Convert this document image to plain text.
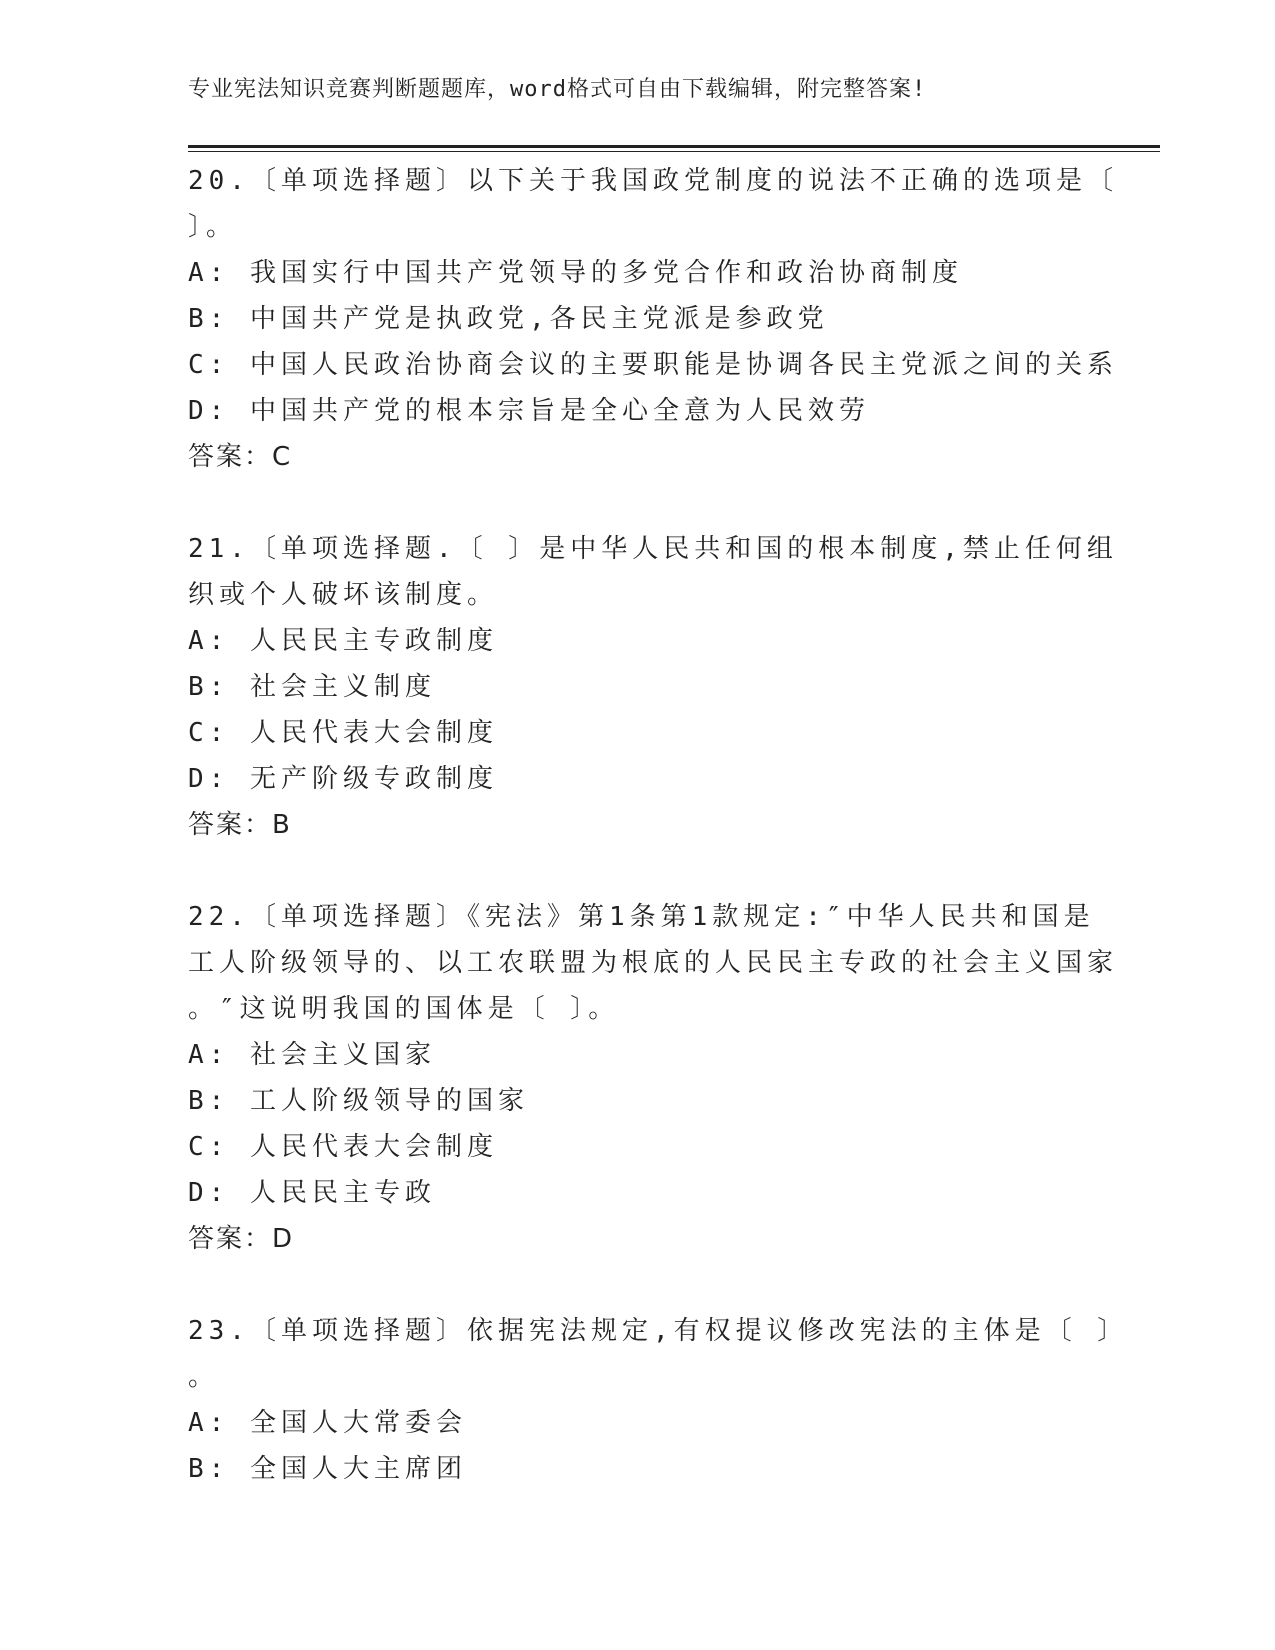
专业宪法知识竞赛判断题题库，word格式可自由下载编辑，附完整答案!
20.〔单项选择题〕以下关于我国政党制度的说法不正确的选项是〔
〕。
A: 我国实行中国共产党领导的多党合作和政治协商制度
B: 中国共产党是执政党,各民主党派是参政党
C: 中国人民政治协商会议的主要职能是协调各民主党派之间的关系
D: 中国共产党的根本宗旨是全心全意为人民效劳
答案：C
21.〔单项选择题.〔 〕是中华人民共和国的根本制度,禁止任何组
织或个人破坏该制度。
A: 人民民主专政制度
B: 社会主义制度
C: 人民代表大会制度
D: 无产阶级专政制度
答案：B
22.〔单项选择题〕《宪法》第1条第1款规定:″中华人民共和国是
工人阶级领导的、以工农联盟为根底的人民民主专政的社会主义国家
。″这说明我国的国体是〔 〕。
A: 社会主义国家
B: 工人阶级领导的国家
C: 人民代表大会制度
D: 人民民主专政
答案：D
23.〔单项选择题〕依据宪法规定,有权提议修改宪法的主体是〔 〕
。
A: 全国人大常委会
B: 全国人大主席团
